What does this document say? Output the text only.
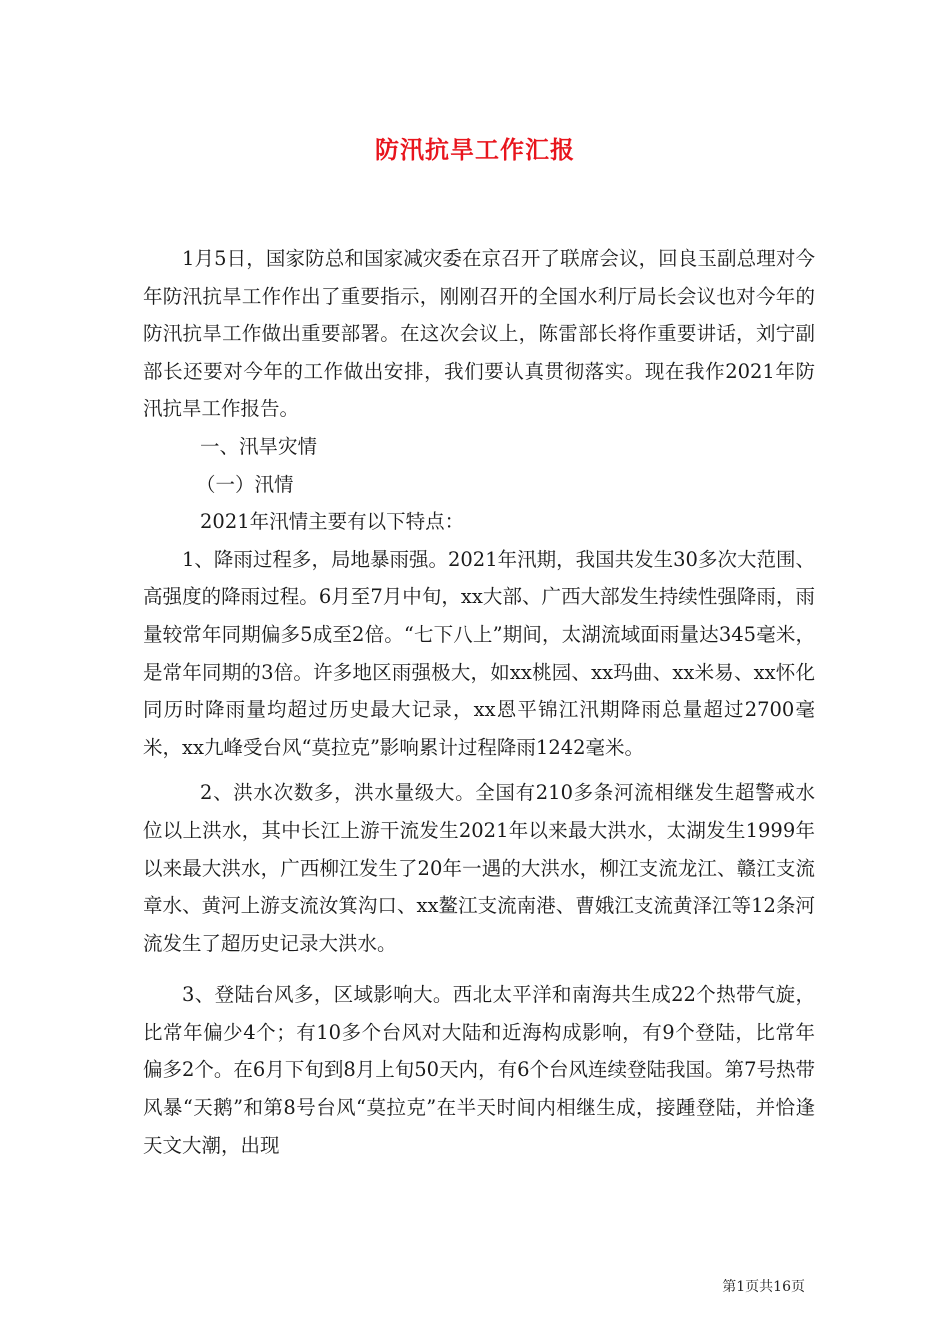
防汛抗旱工作汇报

1月5日，国家防总和国家减灾委在京召开了联席会议，回良玉副总理对今年防汛抗旱工作作出了重要指示，刚刚召开的全国水利厅局长会议也对今年的防汛抗旱工作做出重要部署。在这次会议上，陈雷部长将作重要讲话，刘宁副部长还要对今年的工作做出安排，我们要认真贯彻落实。现在我作2021年防汛抗旱工作报告。

一、汛旱灾情

（一）汛情

2021年汛情主要有以下特点：

1、降雨过程多，局地暴雨强。2021年汛期，我国共发生30多次大范围、高强度的降雨过程。6月至7月中旬，xx大部、广西大部发生持续性强降雨，雨量较常年同期偏多5成至2倍。“七下八上”期间，太湖流域面雨量达345毫米，是常年同期的3倍。许多地区雨强极大，如xx桃园、xx玛曲、xx米易、xx怀化同历时降雨量均超过历史最大记录，xx恩平锦江汛期降雨总量超过2700毫米，xx九峰受台风“莫拉克”影响累计过程降雨1242毫米。

2、洪水次数多，洪水量级大。全国有210多条河流相继发生超警戒水位以上洪水，其中长江上游干流发生2021年以来最大洪水，太湖发生1999年以来最大洪水，广西柳江发生了20年一遇的大洪水，柳江支流龙江、赣江支流章水、黄河上游支流汝箕沟口、xx鳌江支流南港、曹娥江支流黄泽江等12条河流发生了超历史记录大洪水。

3、登陆台风多，区域影响大。西北太平洋和南海共生成22个热带气旋，比常年偏少4个；有10多个台风对大陆和近海构成影响，有9个登陆，比常年偏多2个。在6月下旬到8月上旬50天内，有6个台风连续登陆我国。第7号热带风暴“天鹅”和第8号台风“莫拉克”在半天时间内相继生成，接踵登陆，并恰逢天文大潮，出现

第1页共16页
